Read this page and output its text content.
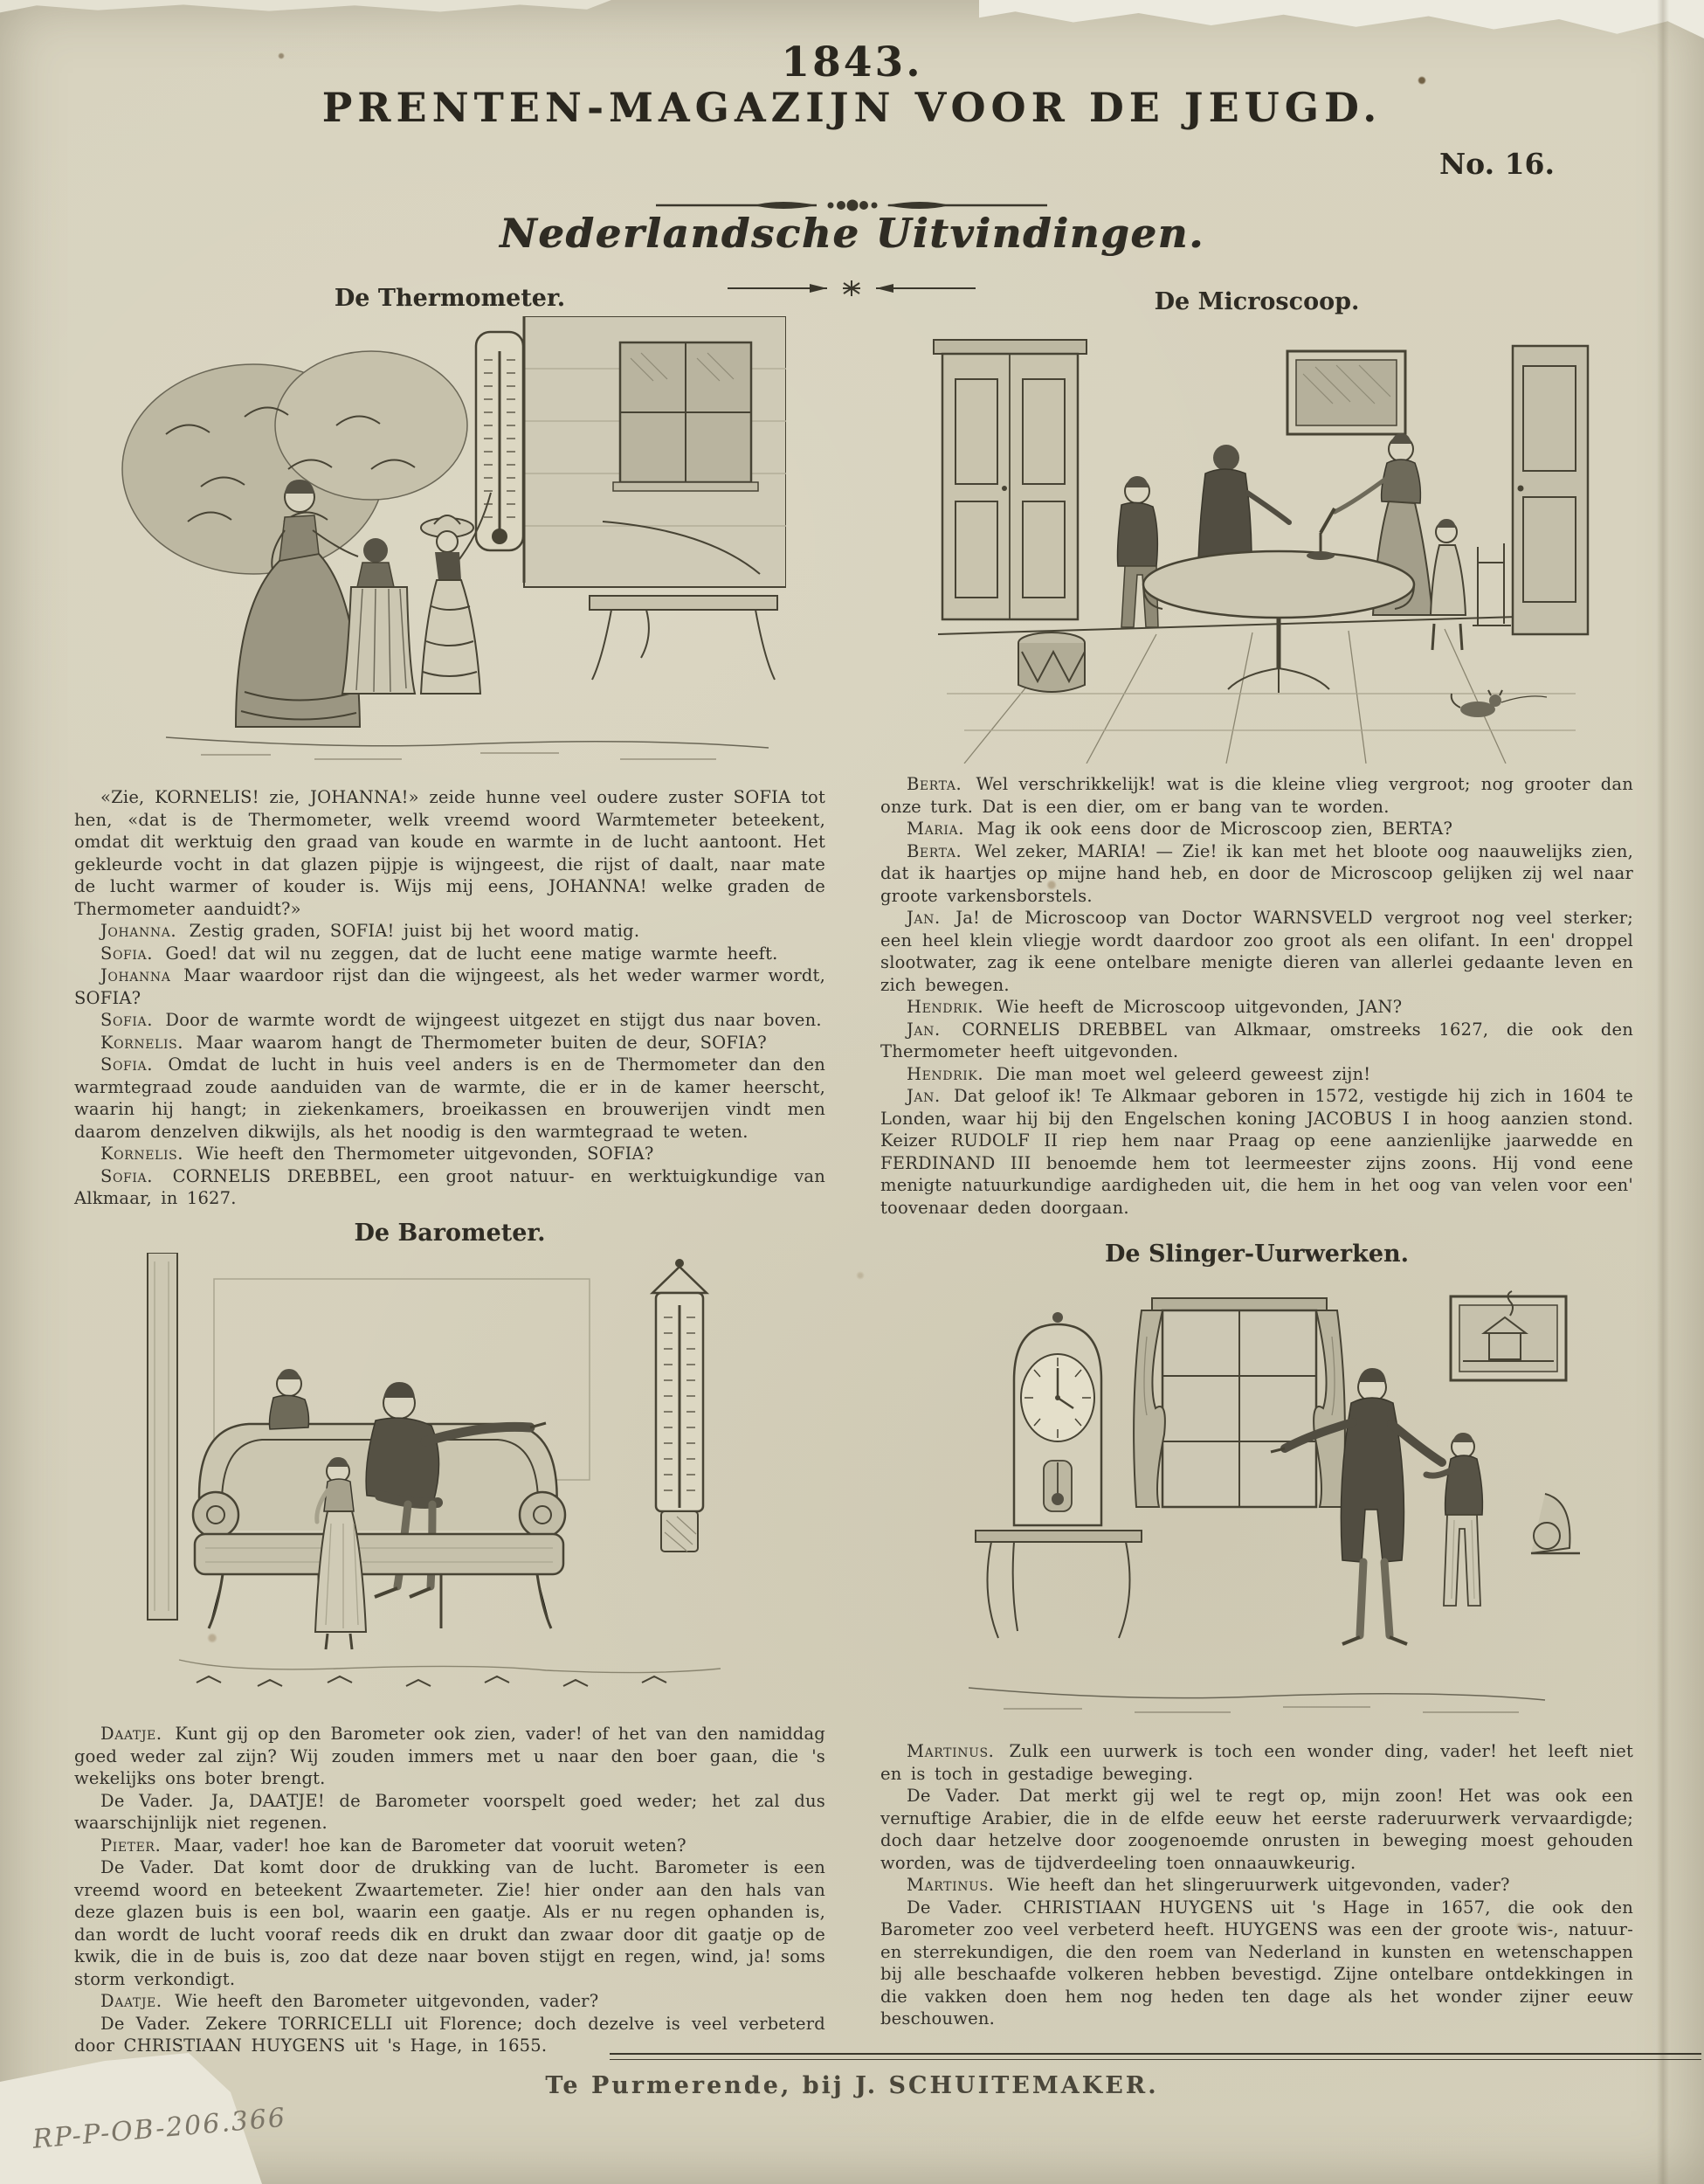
1843.
PRENTEN-MAGAZIJN VOOR DE JEUGD.
No. 16.
Nederlandsche Uitvindingen.
De Thermometer.

«Zie, KORNELIS! zie, JOHANNA!» zeide hunne veel oudere zuster SOFIA tot hen, «dat is de Thermometer, welk vreemd woord Warmtemeter beteekent, omdat dit werktuig den graad van koude en warmte in de lucht aantoont. Het gekleurde vocht in dat glazen pijpje is wijngeest, die rijst of daalt, naar mate de lucht warmer of kouder is. Wijs mij eens, JOHANNA! welke graden de Thermometer aanduidt?»

Johanna. Zestig graden, SOFIA! juist bij het woord matig.

Sofia. Goed! dat wil nu zeggen, dat de lucht eene matige warmte heeft.

Johanna Maar waardoor rijst dan die wijngeest, als het weder warmer wordt, SOFIA?

Sofia. Door de warmte wordt de wijngeest uitgezet en stijgt dus naar boven.

Kornelis. Maar waarom hangt de Thermometer buiten de deur, SOFIA?

Sofia. Omdat de lucht in huis veel anders is en de Thermometer dan den warmtegraad zoude aanduiden van de warmte, die er in de kamer heerscht, waarin hij hangt; in ziekenkamers, broeikassen en brouwerijen vindt men daarom denzelven dikwijls, als het noodig is den warmtegraad te weten.

Kornelis. Wie heeft den Thermometer uitgevonden, SOFIA?

Sofia. CORNELIS DREBBEL, een groot natuur- en werktuigkundige van Alkmaar, in 1627.

De Microscoop.

Berta. Wel verschrikkelijk! wat is die kleine vlieg vergroot; nog grooter dan onze turk. Dat is een dier, om er bang van te worden.

Maria. Mag ik ook eens door de Microscoop zien, BERTA?

Berta. Wel zeker, MARIA! — Zie! ik kan met het bloote oog naauwelijks zien, dat ik haartjes op mijne hand heb, en door de Microscoop gelijken zij wel naar groote varkensborstels.

Jan. Ja! de Microscoop van Doctor WARNSVELD vergroot nog veel sterker; een heel klein vliegje wordt daardoor zoo groot als een olifant. In een' droppel slootwater, zag ik eene ontelbare menigte dieren van allerlei gedaante leven en zich bewegen.

Hendrik. Wie heeft de Microscoop uitgevonden, JAN?

Jan. CORNELIS DREBBEL van Alkmaar, omstreeks 1627, die ook den Thermometer heeft uitgevonden.

Hendrik. Die man moet wel geleerd geweest zijn!

Jan. Dat geloof ik! Te Alkmaar geboren in 1572, vestigde hij zich in 1604 te Londen, waar hij bij den Engelschen koning JACOBUS I in hoog aanzien stond. Keizer RUDOLF II riep hem naar Praag op eene aanzienlijke jaarwedde en FERDINAND III benoemde hem tot leermeester zijns zoons. Hij vond eene menigte natuurkundige aardigheden uit, die hem in het oog van velen voor een' toovenaar deden doorgaan.

De Barometer.

Daatje. Kunt gij op den Barometer ook zien, vader! of het van den namiddag goed weder zal zijn? Wij zouden immers met u naar den boer gaan, die 's wekelijks ons boter brengt.

De Vader. Ja, DAATJE! de Barometer voorspelt goed weder; het zal dus waarschijnlijk niet regenen.

Pieter. Maar, vader! hoe kan de Barometer dat vooruit weten?

De Vader. Dat komt door de drukking van de lucht. Barometer is een vreemd woord en beteekent Zwaartemeter. Zie! hier onder aan den hals van deze glazen buis is een bol, waarin een gaatje. Als er nu regen ophanden is, dan wordt de lucht vooraf reeds dik en drukt dan zwaar door dit gaatje op de kwik, die in de buis is, zoo dat deze naar boven stijgt en regen, wind, ja! soms storm verkondigt.

Daatje. Wie heeft den Barometer uitgevonden, vader?

De Vader. Zekere TORRICELLI uit Florence; doch dezelve is veel verbeterd door CHRISTIAAN HUYGENS uit 's Hage, in 1655.

De Slinger-Uurwerken.

Martinus. Zulk een uurwerk is toch een wonder ding, vader! het leeft niet en is toch in gestadige beweging.

De Vader. Dat merkt gij wel te regt op, mijn zoon! Het was ook een vernuftige Arabier, die in de elfde eeuw het eerste raderuurwerk vervaardigde; doch daar hetzelve door zoogenoemde onrusten in beweging moest gehouden worden, was de tijdverdeeling toen onnaauwkeurig.

Martinus. Wie heeft dan het slingeruurwerk uitgevonden, vader?

De Vader. CHRISTIAAN HUYGENS uit 's Hage in 1657, die ook den Barometer zoo veel verbeterd heeft. HUYGENS was een der groote wis-, natuur- en sterrekundigen, die den roem van Nederland in kunsten en wetenschappen bij alle beschaafde volkeren hebben bevestigd. Zijne ontelbare ontdekkingen in die vakken doen hem nog heden ten dage als het wonder zijner eeuw beschouwen.

Te Purmerende, bij J. SCHUITEMAKER.
RP-P-OB-206.366
